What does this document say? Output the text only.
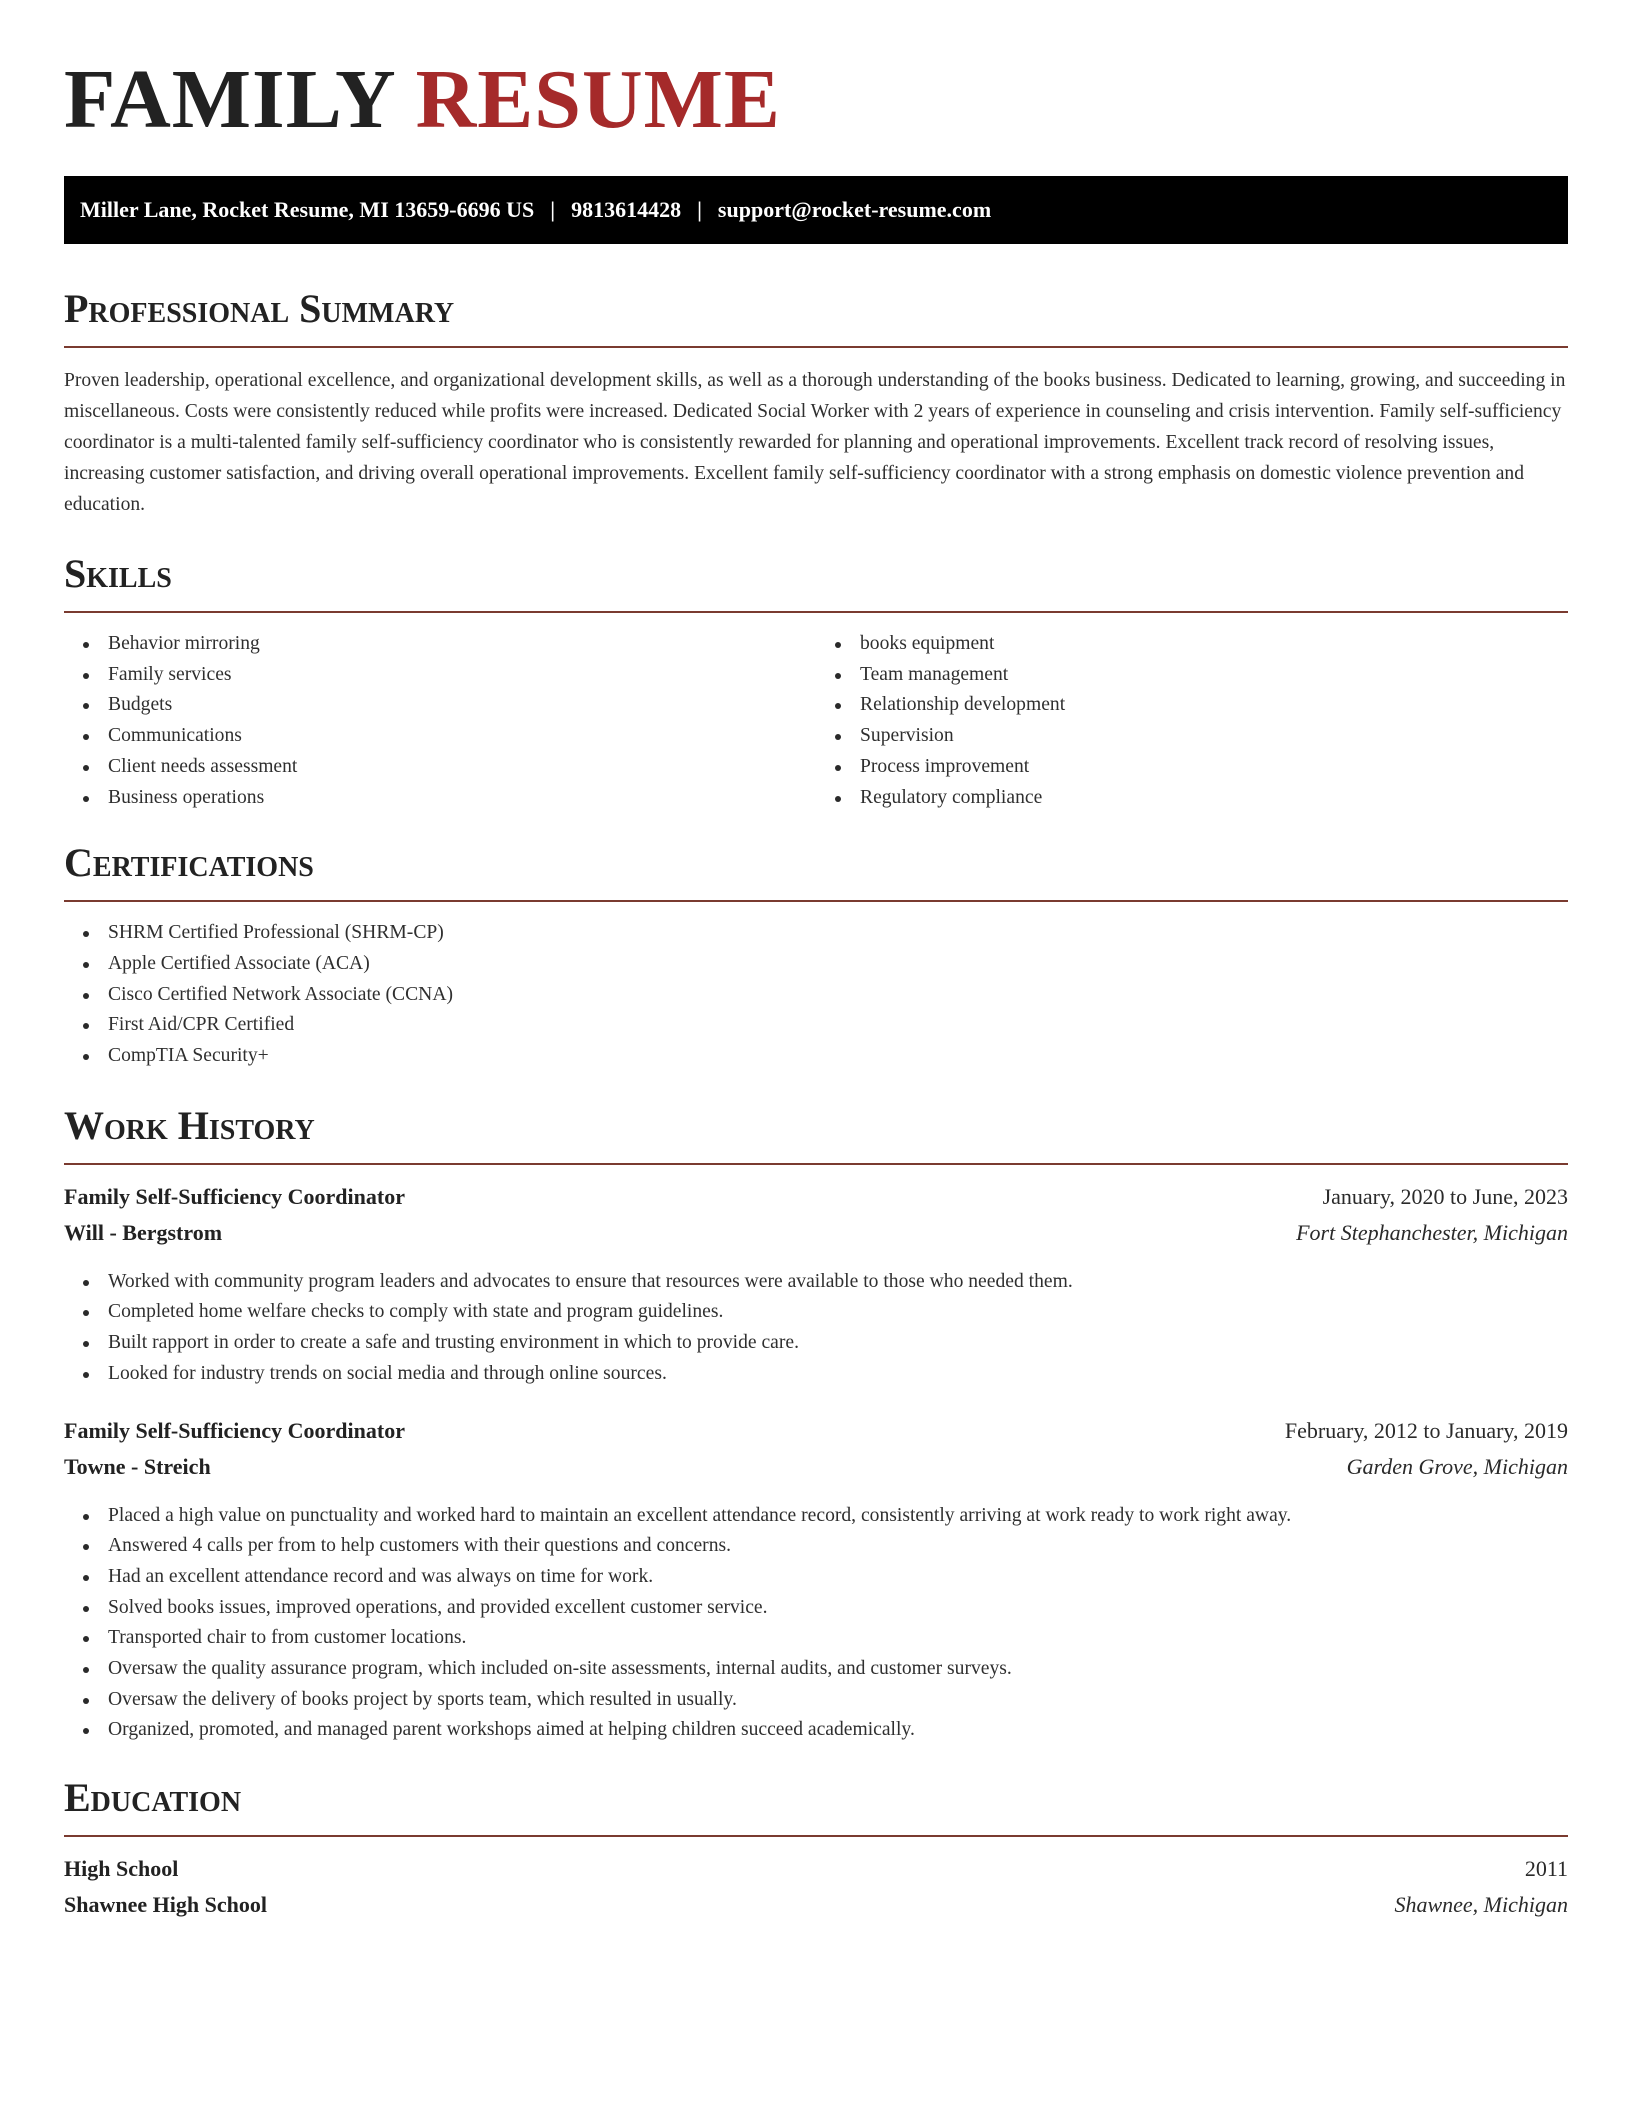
FAMILY RESUME
Miller Lane, Rocket Resume, MI 13659-6696 US | 9813614428 | support@rocket-resume.com
Professional Summary

Proven leadership, operational excellence, and organizational development skills, as well as a thorough understanding of the books business. Dedicated to learning, growing, and succeeding in miscellaneous. Costs were consistently reduced while profits were increased. Dedicated Social Worker with 2 years of experience in counseling and crisis intervention. Family self-sufficiency coordinator is a multi-talented family self-sufficiency coordinator who is consistently rewarded for planning and operational improvements. Excellent track record of resolving issues, increasing customer satisfaction, and driving overall operational improvements. Excellent family self-sufficiency coordinator with a strong emphasis on domestic violence prevention and education.

Skills
Behavior mirroring
Family services
Budgets
Communications
Client needs assessment
Business operations
books equipment
Team management
Relationship development
Supervision
Process improvement
Regulatory compliance
Certifications
SHRM Certified Professional (SHRM-CP)
Apple Certified Associate (ACA)
Cisco Certified Network Associate (CCNA)
First Aid/CPR Certified
CompTIA Security+
Work History
Family Self-Sufficiency Coordinator	January, 2020 to June, 2023
Will - Bergstrom	Fort Stephanchester, Michigan
Worked with community program leaders and advocates to ensure that resources were available to those who needed them.
Completed home welfare checks to comply with state and program guidelines.
Built rapport in order to create a safe and trusting environment in which to provide care.
Looked for industry trends on social media and through online sources.
Family Self-Sufficiency Coordinator	February, 2012 to January, 2019
Towne - Streich	Garden Grove, Michigan
Placed a high value on punctuality and worked hard to maintain an excellent attendance record, consistently arriving at work ready to work right away.
Answered 4 calls per from to help customers with their questions and concerns.
Had an excellent attendance record and was always on time for work.
Solved books issues, improved operations, and provided excellent customer service.
Transported chair to from customer locations.
Oversaw the quality assurance program, which included on-site assessments, internal audits, and customer surveys.
Oversaw the delivery of books project by sports team, which resulted in usually.
Organized, promoted, and managed parent workshops aimed at helping children succeed academically.
Education
High School	2011
Shawnee High School	Shawnee, Michigan
